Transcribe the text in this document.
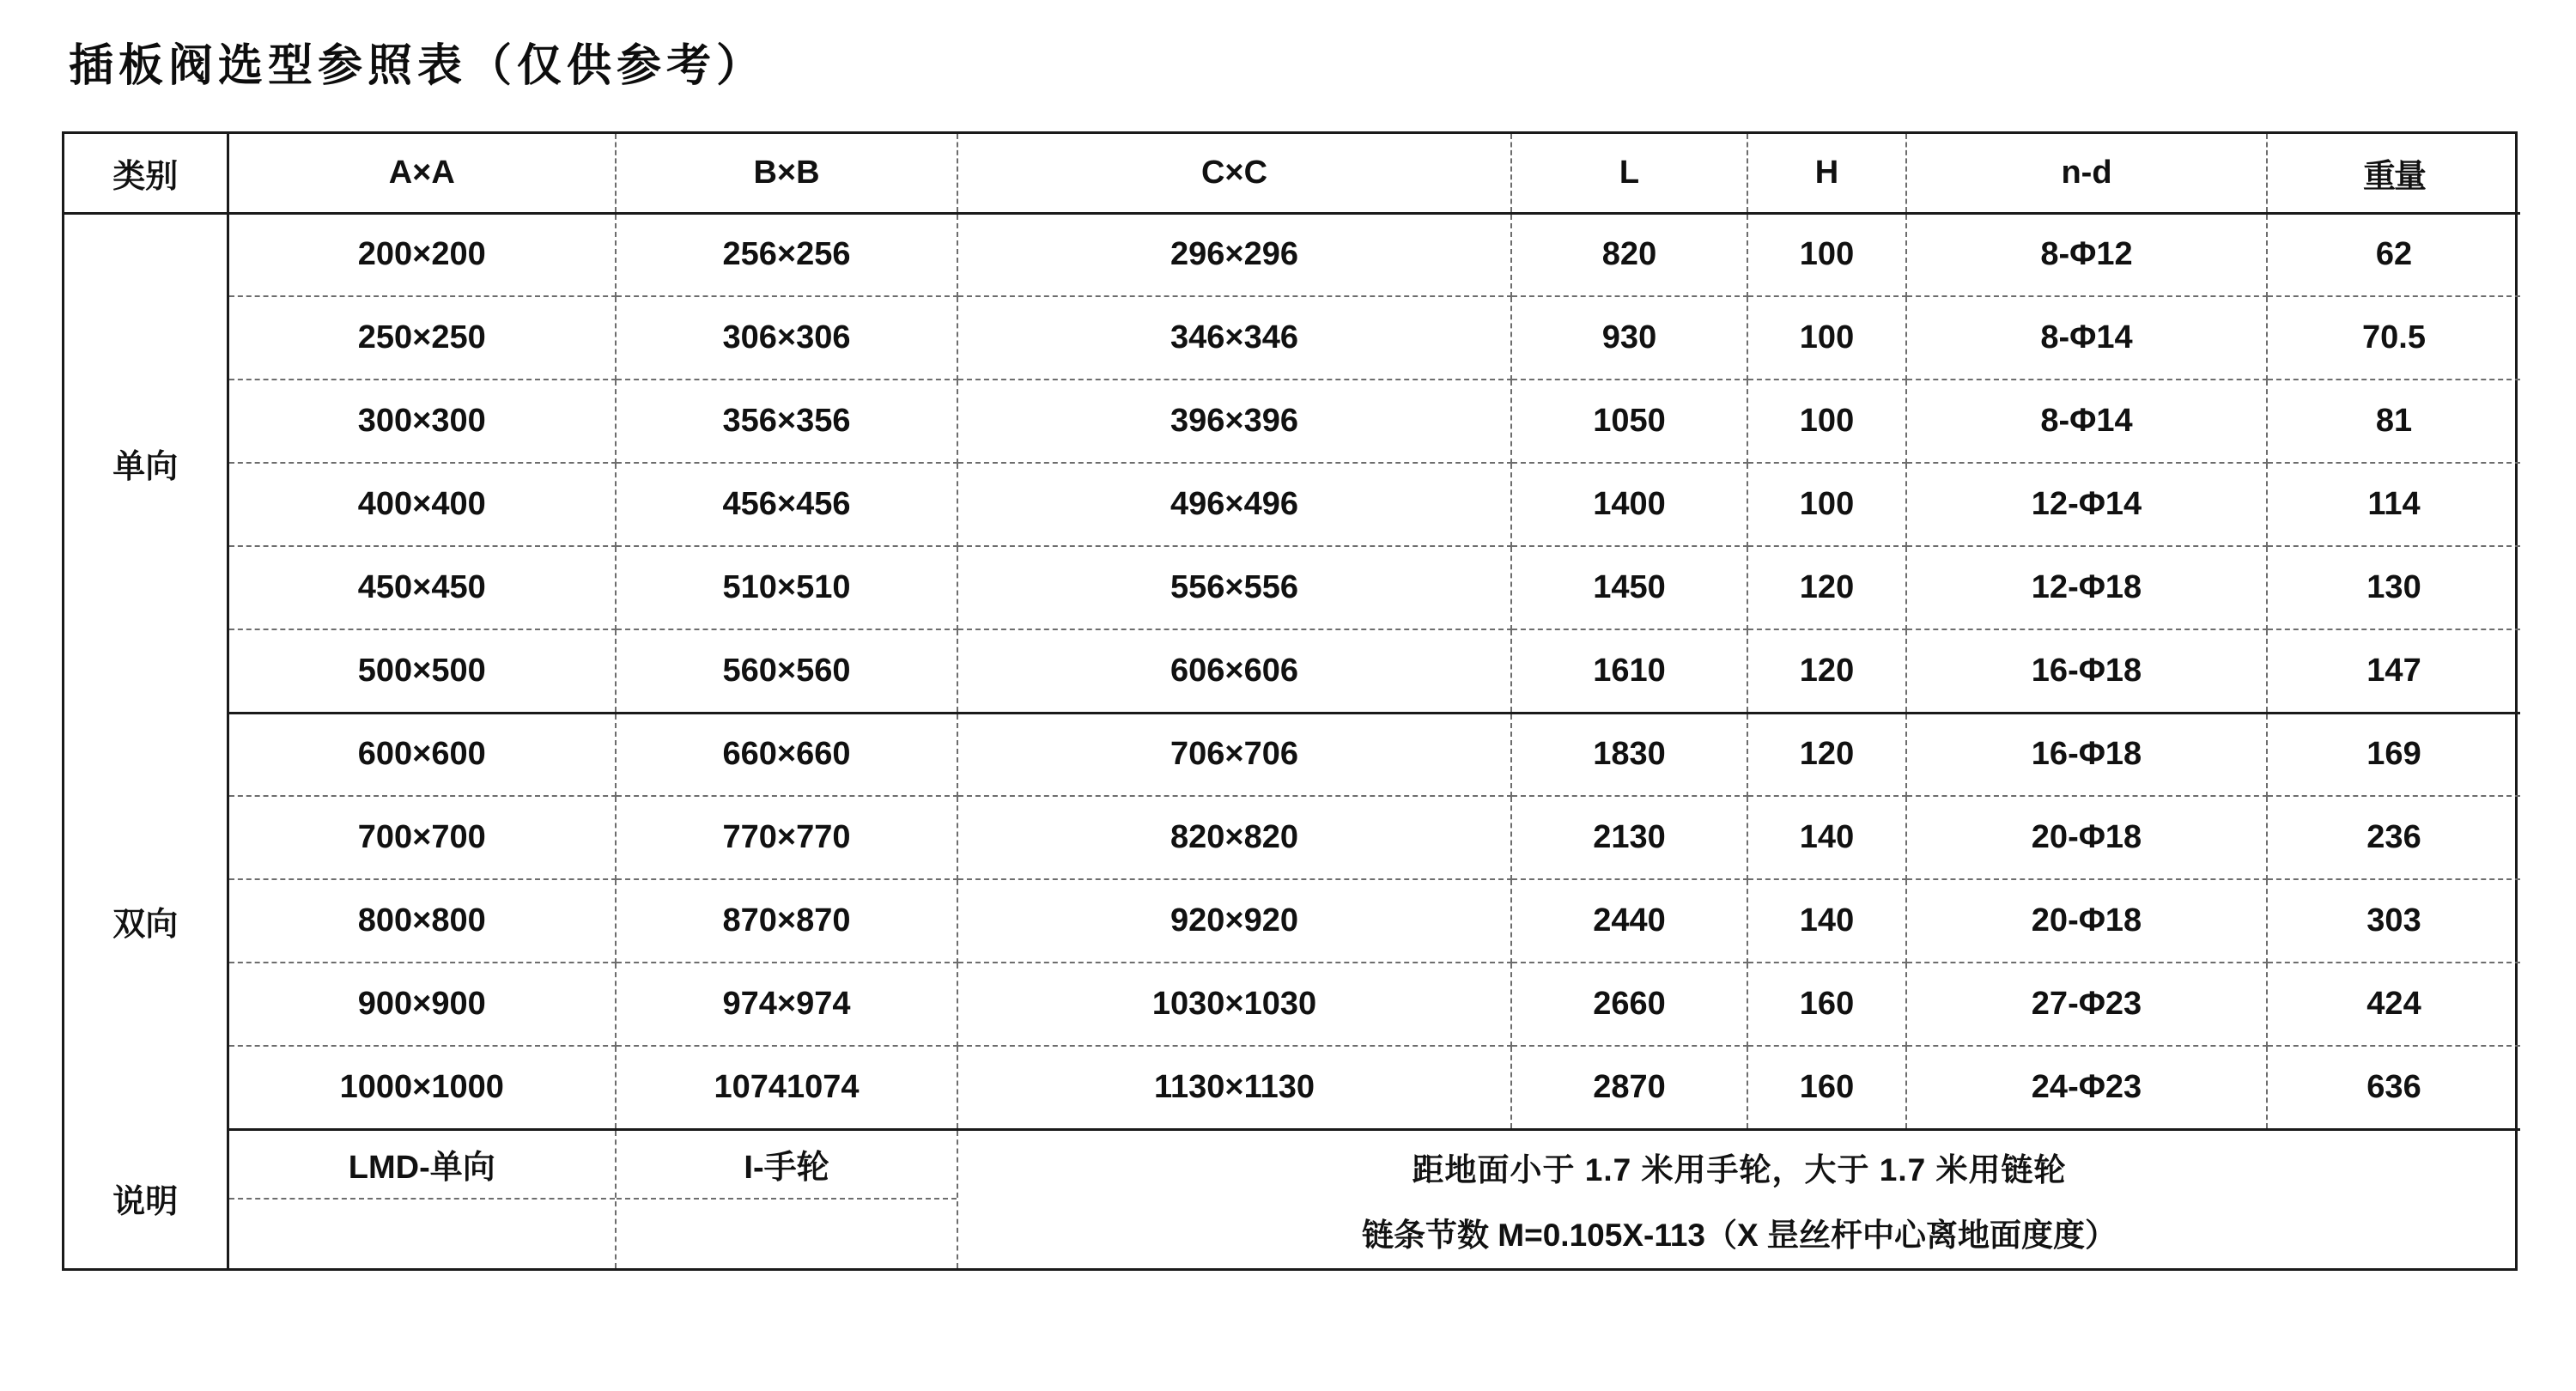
插板阀选型参照表（仅供参考）
类别	A×A	B×B	C×C	L	H	n-d	重量
单向	200×200	256×256	296×296	820	100	8-Φ12	62
	250×250	306×306	346×346	930	100	8-Φ14	70.5
	300×300	356×356	396×396	1050	100	8-Φ14	81
	400×400	456×456	496×496	1400	100	12-Φ14	114
	450×450	510×510	556×556	1450	120	12-Φ18	130
	500×500	560×560	606×606	1610	120	16-Φ18	147
双向	600×600	660×660	706×706	1830	120	16-Φ18	169
	700×700	770×770	820×820	2130	140	20-Φ18	236
	800×800	870×870	920×920	2440	140	20-Φ18	303
	900×900	974×974	1030×1030	2660	160	27-Φ23	424
	1000×1000	10741074	1130×1130	2870	160	24-Φ23	636
说明	LMD-单向	I-手轮	距地面小于 1.7 米用手轮，大于 1.7 米用链轮
链条节数 M=0.105X-113（X 昰丝杆中心离地面度度）				
